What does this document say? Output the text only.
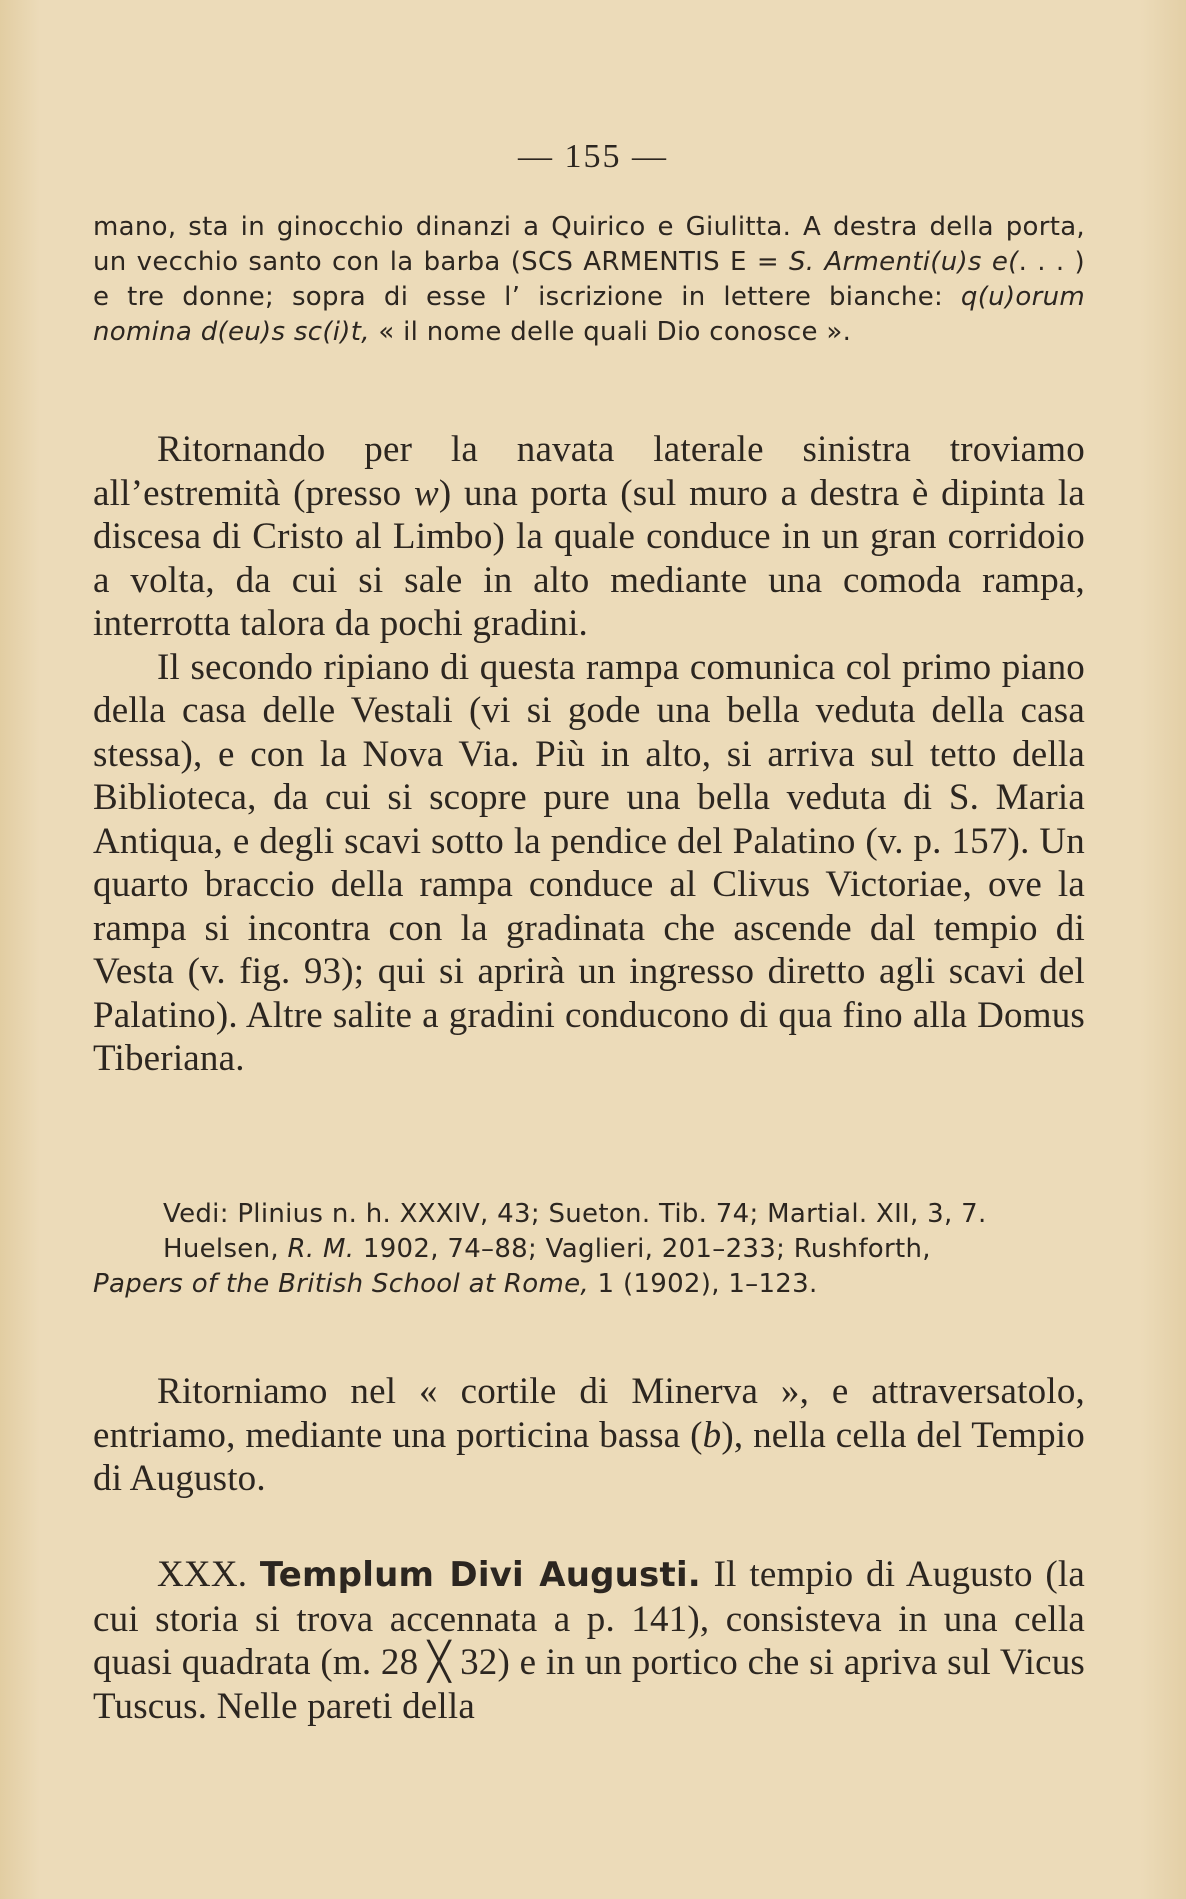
— 155 —

mano, sta in ginocchio dinanzi a Quirico e Giulitta. A destra della porta, un vecchio santo con la barba (SCS ARMENTIS E = S. Armenti(u)s e(. . . ) e tre donne; sopra di esse l’ iscrizione in lettere bianche: q(u)orum nomina d(eu)s sc(i)t, « il nome delle quali Dio conosce ».

Ritornando per la navata laterale sinistra troviamo all’estremità (presso w) una porta (sul muro a destra è dipinta la discesa di Cristo al Limbo) la quale conduce in un gran corridoio a volta, da cui si sale in alto mediante una comoda rampa, interrotta talora da pochi gradini.

Il secondo ripiano di questa rampa comunica col primo piano della casa delle Vestali (vi si gode una bella veduta della casa stessa), e con la Nova Via. Più in alto, si arriva sul tetto della Biblioteca, da cui si scopre pure una bella veduta di S. Maria Antiqua, e degli scavi sotto la pendice del Palatino (v. p. 157). Un quarto braccio della rampa conduce al Clivus Victoriae, ove la rampa si incontra con la gradinata che ascende dal tempio di Vesta (v. fig. 93); qui si aprirà un ingresso diretto agli scavi del Palatino). Altre salite a gradini conducono di qua fino alla Domus Tiberiana.

Vedi: Plinius n. h. XXXIV, 43; Sueton. Tib. 74; Martial. XII, 3, 7.

Huelsen, R. M. 1902, 74–88; Vaglieri, 201–233; Rushforth,

Papers of the British School at Rome, 1 (1902), 1–123.

Ritorniamo nel « cortile di Minerva », e attraversatolo, entriamo, mediante una porticina bassa (b), nella cella del Tempio di Augusto.

XXX. Templum Divi Augusti. Il tempio di Augusto (la cui storia si trova accennata a p. 141), consisteva in una cella quasi quadrata (m. 28 ╳ 32) e in un portico che si apriva sul Vicus Tuscus. Nelle pareti della
